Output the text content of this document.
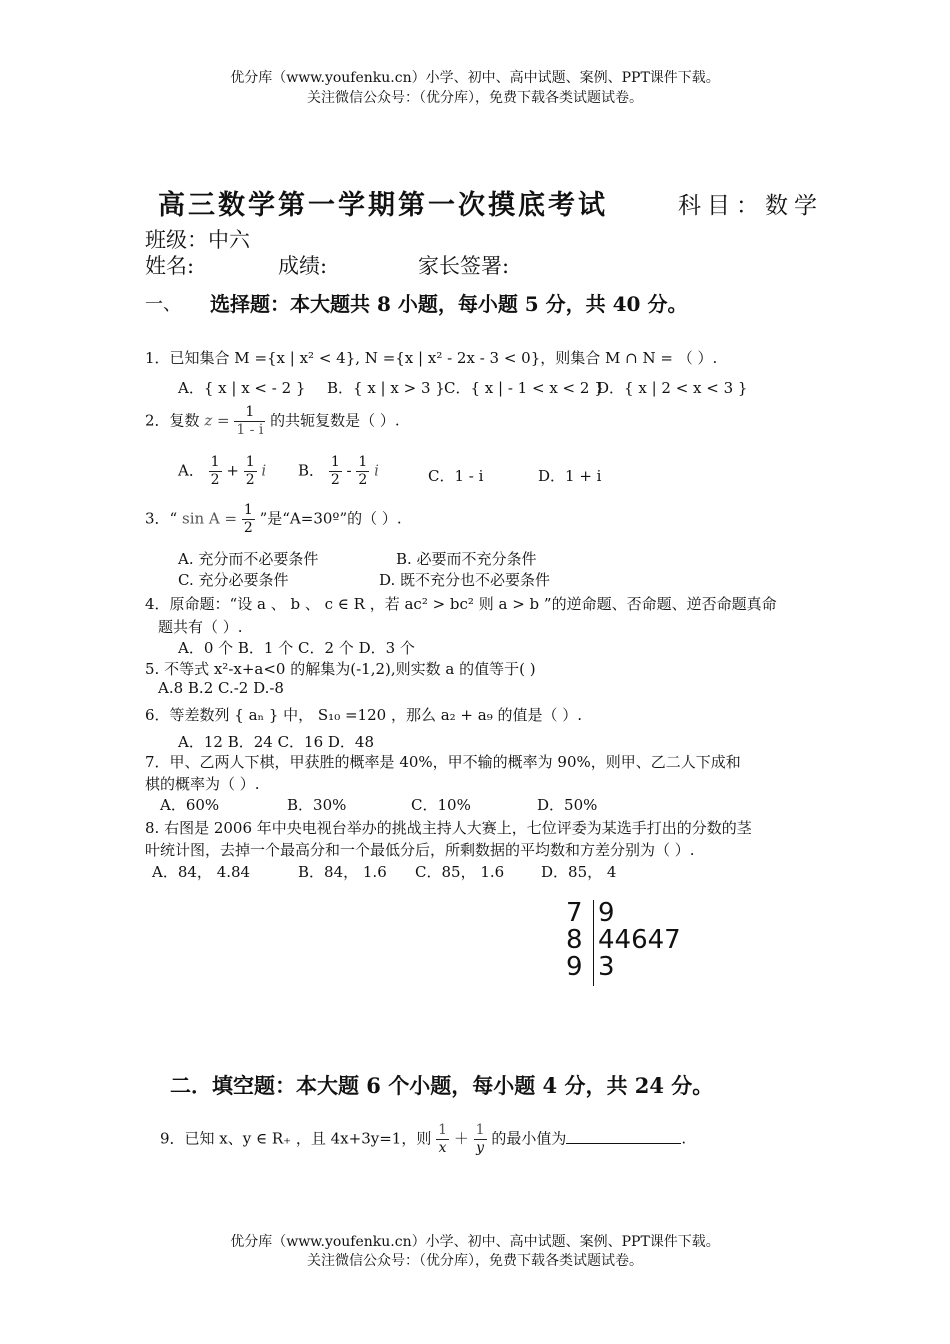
优分库（www.youfenku.cn）小学、初中、高中试题、案例、PPT课件下载。
关注微信公众号：（优分库），免费下载各类试题试卷。
高三数学第一学期第一次摸底考试	科目：数学
班级：中六
姓名:	成绩:	家长签署:
一、 选择题：本大题共 8 小题，每小题 5 分，共 40 分。
1．已知集合 M ={x | x² < 4}, N ={x | x² - 2x - 3 < 0}，则集合 M ∩ N = （ ）.
A．{ x | x < - 2 } B．{ x | x > 3 } C．{ x | - 1 < x < 2 }
D．{ x | 2 < x < 3 }
2．复数 $z = \frac{1}{1 - i}$ 的共轭复数是（ ）.
A． $\frac{1}{2} + \frac{1}{2}$ i B． $\frac{1}{2} - \frac{1}{2}$ i	C．1 - i	D．1 + i
3．“ $\sin A = \frac{1}{2}$ ”是“A=30º”的（ ）.
A. 充分而不必要条件	B. 必要而不充分条件
C. 充分必要条件	D. 既不充分也不必要条件
4．原命题：“设 a 、 b 、 c ∈ R ，若 ac² > bc² 则 a > b ”的逆命题、否命题、逆否命题真命
题共有（ ）.
A．0 个 B．1 个 C．2 个 D．3 个
5. 不等式 x²-x+a<0 的解集为(-1,2),则实数 a 的值等于( )
A.8 B.2 C.-2 D.-8
6．等差数列 { aₙ } 中， S₁₀ =120 ，那么 a₂ + a₉ 的值是（ ）.
A．12 B．24 C．16 D．48
7．甲、乙两人下棋，甲获胜的概率是 40%，甲不输的概率为 90%，则甲、乙二人下成和
棋的概率为（ ）.
A．60%	B．30%	C．10%	D．50%
8. 右图是 2006 年中央电视台举办的挑战主持人大赛上，七位评委为某选手打出的分数的茎
叶统计图，去掉一个最高分和一个最低分后，所剩数据的平均数和方差分别为（ ）.
A．84， 4.84	B．84， 1.6 C．85， 1.6 D．85， 4
7 9
8 44647
9 3
二．填空题：本大题 6 个小题，每小题 4 分，共 24 分。
9．已知 x、y ∈ R₊ ，且 4x+3y=1，则 $\frac{1}{x} + \frac{1}{y}$ 的最小值为	.
优分库（www.youfenku.cn）小学、初中、高中试题、案例、PPT课件下载。
关注微信公众号：（优分库），免费下载各类试题试卷。
